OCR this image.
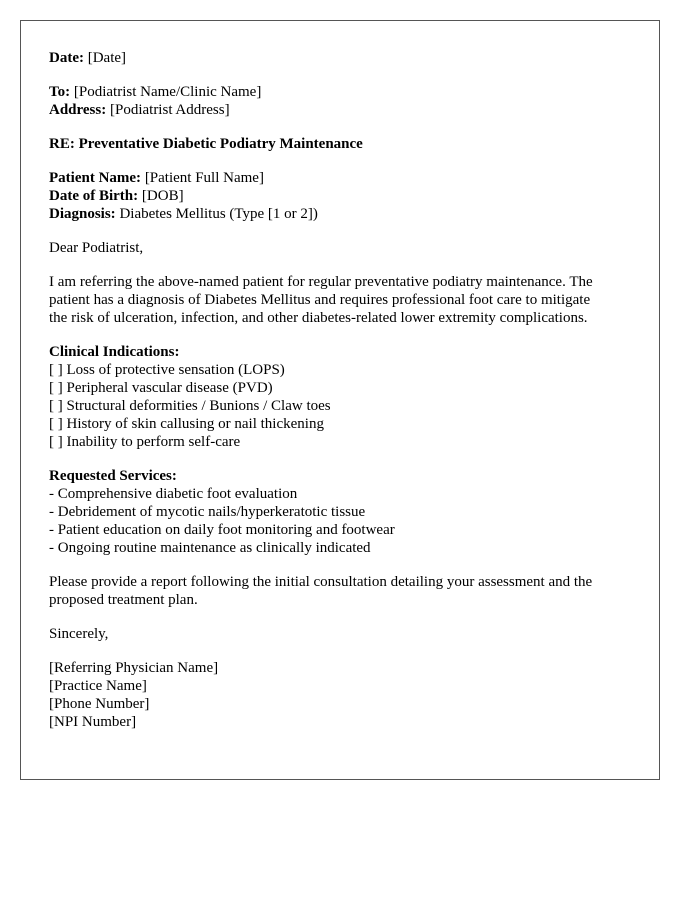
Date: [Date]
To: [Podiatrist Name/Clinic Name]
Address: [Podiatrist Address]
RE: Preventative Diabetic Podiatry Maintenance
Patient Name: [Patient Full Name]
Date of Birth: [DOB]
Diagnosis: Diabetes Mellitus (Type [1 or 2])
Dear Podiatrist,
I am referring the above-named patient for regular preventative podiatry maintenance. The
patient has a diagnosis of Diabetes Mellitus and requires professional foot care to mitigate
the risk of ulceration, infection, and other diabetes-related lower extremity complications.
Clinical Indications:
[ ] Loss of protective sensation (LOPS)
[ ] Peripheral vascular disease (PVD)
[ ] Structural deformities / Bunions / Claw toes
[ ] History of skin callusing or nail thickening
[ ] Inability to perform self-care
Requested Services:
- Comprehensive diabetic foot evaluation
- Debridement of mycotic nails/hyperkeratotic tissue
- Patient education on daily foot monitoring and footwear
- Ongoing routine maintenance as clinically indicated
Please provide a report following the initial consultation detailing your assessment and the
proposed treatment plan.
Sincerely,
[Referring Physician Name]
[Practice Name]
[Phone Number]
[NPI Number]
